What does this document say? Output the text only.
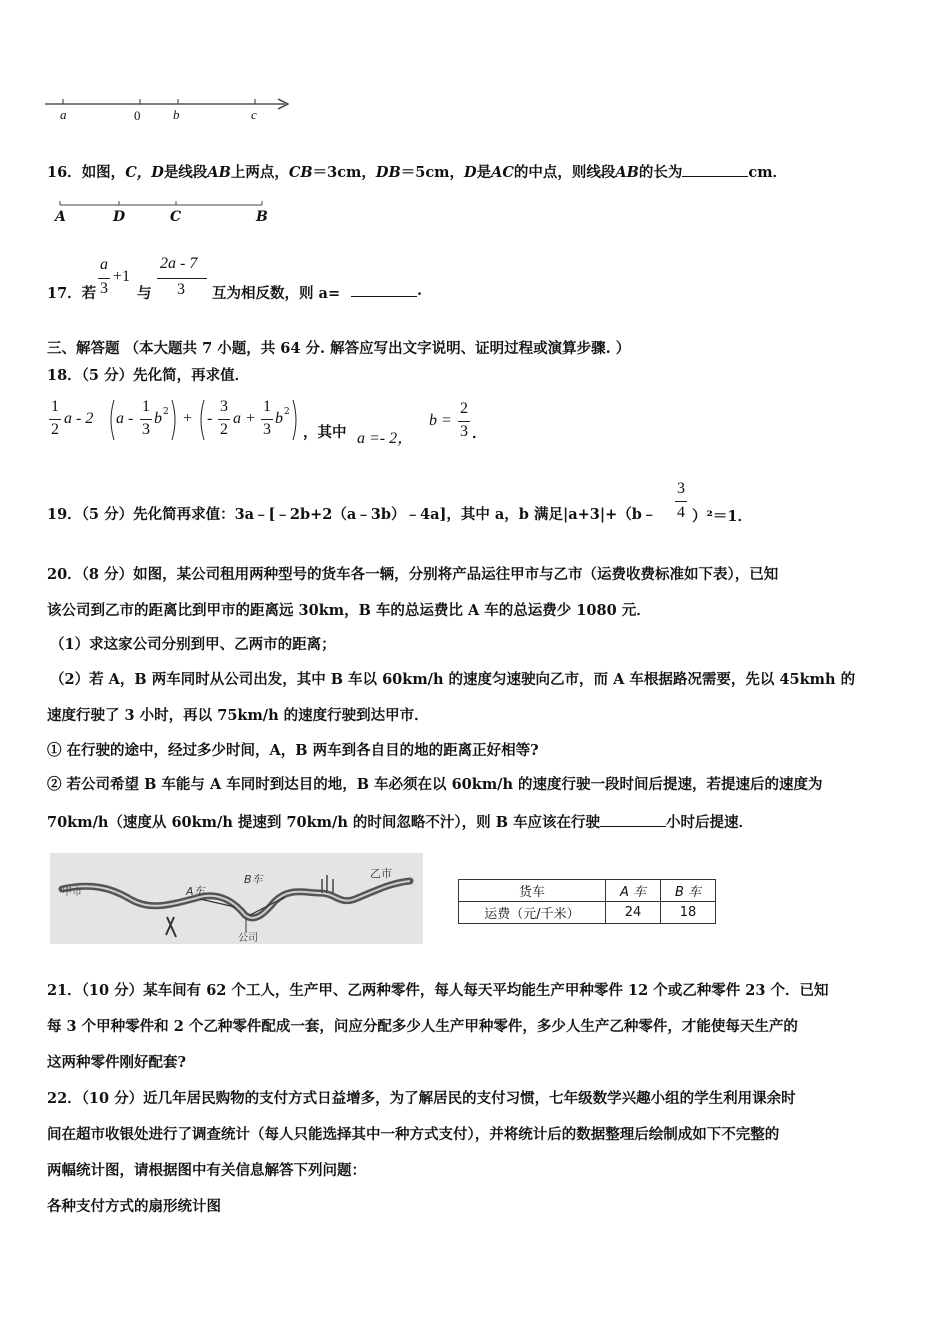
a	0	b	c
16．如图，C，D是线段AB上两点，CB＝3cm，DB＝5cm，D是AC的中点，则线段AB的长为	cm．
A	D	C	B
17．若
a
3
+1
与
2a - 7
3 互为相反数，则 a=	.
三、解答题 （本大题共 7 小题，共 64 分. 解答应写出文字说明、证明过程或演算步骤. ）
18．（5 分）先化简，再求值．
1
2
a - 2 a -
1
3
b 2 + -
3
2
a +
1
3
b 2
，其中 a =- 2，
b =
2
3 ．
19．（5 分）先化简再求值：3a﹣[﹣2b+2（a﹣3b）﹣4a]，其中 a，b 满足|a+3|+（b﹣
3
4 ）²＝1．
20．（8 分）如图，某公司租用两种型号的货车各一辆，分别将产品运往甲市与乙市（运费收费标准如下表），已知
该公司到乙市的距离比到甲市的距离远 30km，B 车的总运费比 A 车的总运费少 1080 元．
（1）求这家公司分别到甲、乙两市的距离；
（2）若 A，B 两车同时从公司出发，其中 B 车以 60km/h 的速度匀速驶向乙市，而 A 车根据路况需要，先以 45kmh 的
速度行驶了 3 小时，再以 75km/h 的速度行驶到达甲市．
① 在行驶的途中，经过多少时间，A，B 两车到各自目的地的距离正好相等?
② 若公司希望 B 车能与 A 车同时到达目的地，B 车必须在以 60km/h 的速度行驶一段时间后提速，若提速后的速度为
70km/h（速度从 60km/h 提速到 70km/h 的时间忽略不汁），则 B 车应该在行驶	小时后提速．
甲市	A车
B车	乙市
公司
货车	A 车	B 车
运费（元/千米）	24	18
21．（10 分）某车间有 62 个工人，生产甲、乙两种零件，每人每天平均能生产甲种零件 12 个或乙种零件 23 个．已知
每 3 个甲种零件和 2 个乙种零件配成一套，问应分配多少人生产甲种零件，多少人生产乙种零件，才能使每天生产的
这两种零件刚好配套?
22．（10 分）近几年居民购物的支付方式日益增多，为了解居民的支付习惯，七年级数学兴趣小组的学生利用课余时
间在超市收银处进行了调查统计（每人只能选择其中一种方式支付），并将统计后的数据整理后绘制成如下不完整的
两幅统计图，请根据图中有关信息解答下列问题：
各种支付方式的扇形统计图
